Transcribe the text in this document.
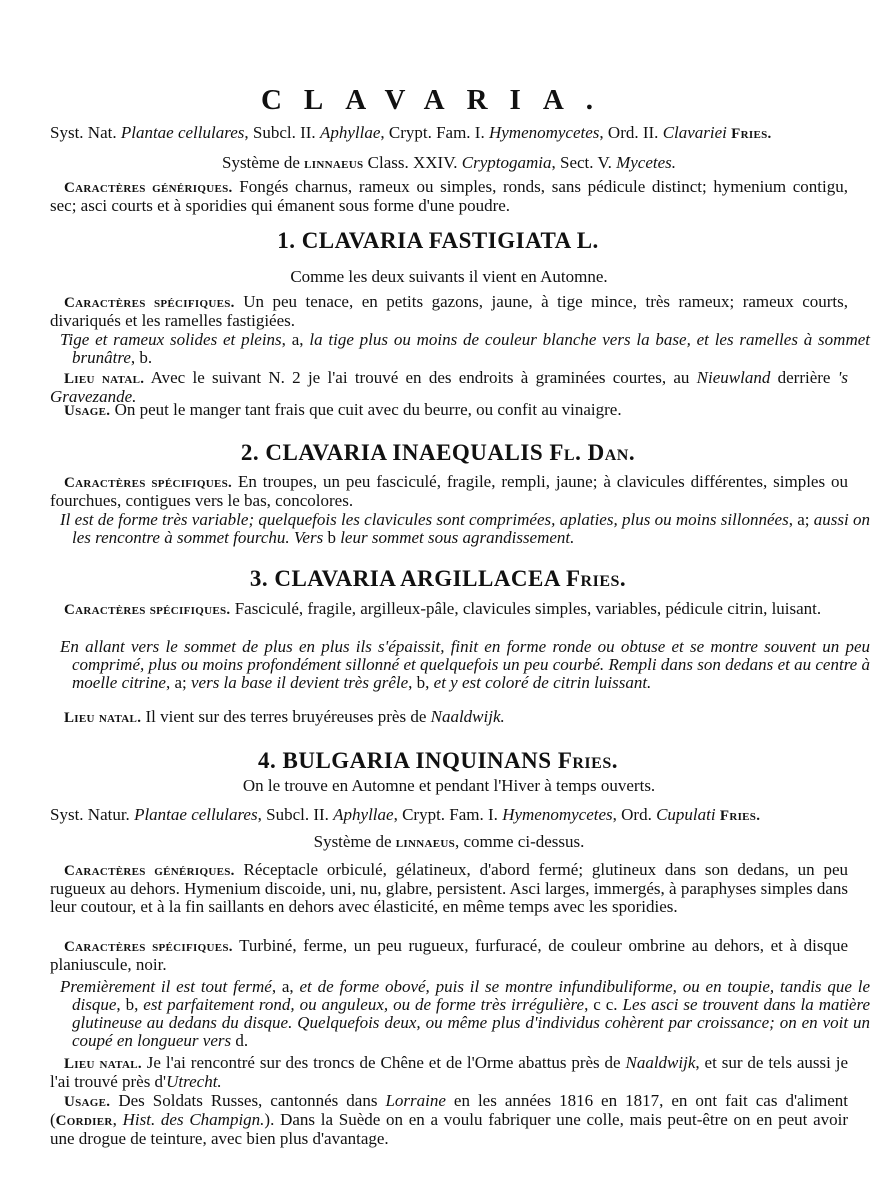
CLAVARIA.
Syst. Nat. Plantae cellulares, Subcl. II. Aphyllae, Crypt. Fam. I. Hymenomycetes, Ord. II. Clavariei Fries.
Système de linnaeus Class. XXIV. Cryptogamia, Sect. V. Mycetes.
Caractères génériques. Fongés charnus, rameux ou simples, ronds, sans pédicule distinct; hymenium contigu, sec; asci courts et à sporidies qui émanent sous forme d'une poudre.
1. CLAVARIA FASTIGIATA L.
Comme les deux suivants il vient en Automne.
Caractères spécifiques. Un peu tenace, en petits gazons, jaune, à tige mince, très rameux; rameux courts, divariqués et les ramelles fastigiées.
Tige et rameux solides et pleins, a, la tige plus ou moins de couleur blanche vers la base, et les ramelles à sommet brunâtre, b.
Lieu natal. Avec le suivant N. 2 je l'ai trouvé en des endroits à graminées courtes, au Nieuwland derrière 's Gravezande.
Usage. On peut le manger tant frais que cuit avec du beurre, ou confit au vinaigre.
2. CLAVARIA INAEQUALIS Fl. Dan.
Caractères spécifiques. En troupes, un peu fasciculé, fragile, rempli, jaune; à clavicules différentes, simples ou fourchues, contigues vers le bas, concolores.
Il est de forme très variable; quelquefois les clavicules sont comprimées, aplaties, plus ou moins sillonnées, a; aussi on les rencontre à sommet fourchu. Vers b leur sommet sous agrandissement.
3. CLAVARIA ARGILLACEA Fries.
Caractères spécifiques. Fasciculé, fragile, argilleux-pâle, clavicules simples, variables, pédicule citrin, luisant.
En allant vers le sommet de plus en plus ils s'épaissit, finit en forme ronde ou obtuse et se montre souvent un peu comprimé, plus ou moins profondément sillonné et quelquefois un peu courbé. Rempli dans son dedans et au centre à moelle citrine, a; vers la base il devient très grêle, b, et y est coloré de citrin luissant.
Lieu natal. Il vient sur des terres bruyéreuses près de Naaldwijk.
4. BULGARIA INQUINANS Fries.
On le trouve en Automne et pendant l'Hiver à temps ouverts.
Syst. Natur. Plantae cellulares, Subcl. II. Aphyllae, Crypt. Fam. I. Hymenomycetes, Ord. Cupulati Fries.
Système de linnaeus, comme ci-dessus.
Caractères génériques. Réceptacle orbiculé, gélatineux, d'abord fermé; glutineux dans son dedans, un peu rugueux au dehors. Hymenium discoide, uni, nu, glabre, persistent. Asci larges, immergés, à paraphyses simples dans leur coutour, et à la fin saillants en dehors avec élasticité, en même temps avec les sporidies.
Caractères spécifiques. Turbiné, ferme, un peu rugueux, furfuracé, de couleur ombrine au dehors, et à disque planiuscule, noir.
Premièrement il est tout fermé, a, et de forme obové, puis il se montre infundibuliforme, ou en toupie, tandis que le disque, b, est parfaitement rond, ou anguleux, ou de forme très irrégulière, c c. Les asci se trouvent dans la matière glutineuse au dedans du disque. Quelquefois deux, ou même plus d'individus cohèrent par croissance; on en voit un coupé en longueur vers d.
Lieu natal. Je l'ai rencontré sur des troncs de Chêne et de l'Orme abattus près de Naaldwijk, et sur de tels aussi je l'ai trouvé près d'Utrecht.
Usage. Des Soldats Russes, cantonnés dans Lorraine en les années 1816 en 1817, en ont fait cas d'aliment (Cordier, Hist. des Champign.). Dans la Suède on en a voulu fabriquer une colle, mais peut-être on en peut avoir une drogue de teinture, avec bien plus d'avantage.
